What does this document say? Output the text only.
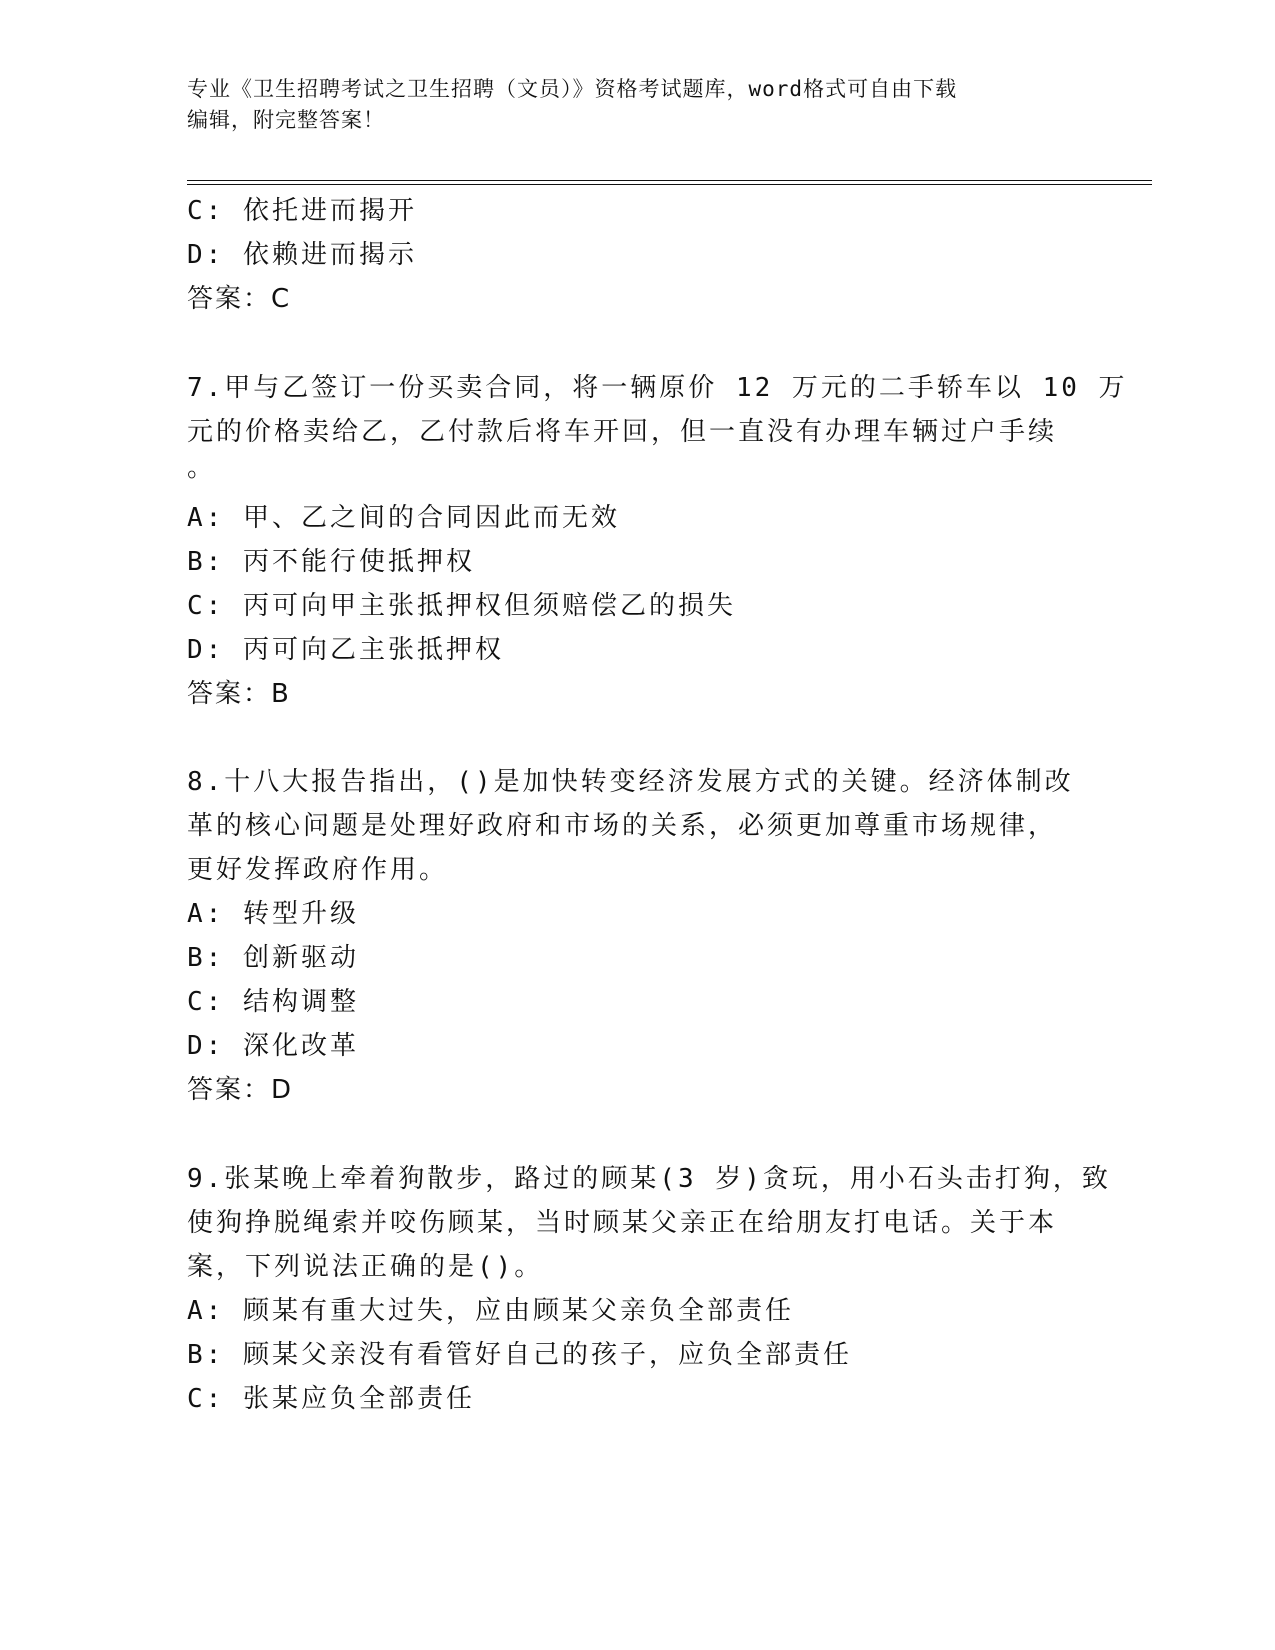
专业《卫生招聘考试之卫生招聘（文员）》资格考试题库，word格式可自由下载
编辑，附完整答案！
C: 依托进而揭开
D: 依赖进而揭示
答案：C
7.甲与乙签订一份买卖合同，将一辆原价 12 万元的二手轿车以 10 万
元的价格卖给乙，乙付款后将车开回，但一直没有办理车辆过户手续
。
A: 甲、乙之间的合同因此而无效
B: 丙不能行使抵押权
C: 丙可向甲主张抵押权但须赔偿乙的损失
D: 丙可向乙主张抵押权
答案：B
8.十八大报告指出，()是加快转变经济发展方式的关键。经济体制改
革的核心问题是处理好政府和市场的关系，必须更加尊重市场规律，
更好发挥政府作用。
A: 转型升级
B: 创新驱动
C: 结构调整
D: 深化改革
答案：D
9.张某晚上牵着狗散步，路过的顾某(3 岁)贪玩，用小石头击打狗，致
使狗挣脱绳索并咬伤顾某，当时顾某父亲正在给朋友打电话。关于本
案，下列说法正确的是()。
A: 顾某有重大过失，应由顾某父亲负全部责任
B: 顾某父亲没有看管好自己的孩子，应负全部责任
C: 张某应负全部责任
